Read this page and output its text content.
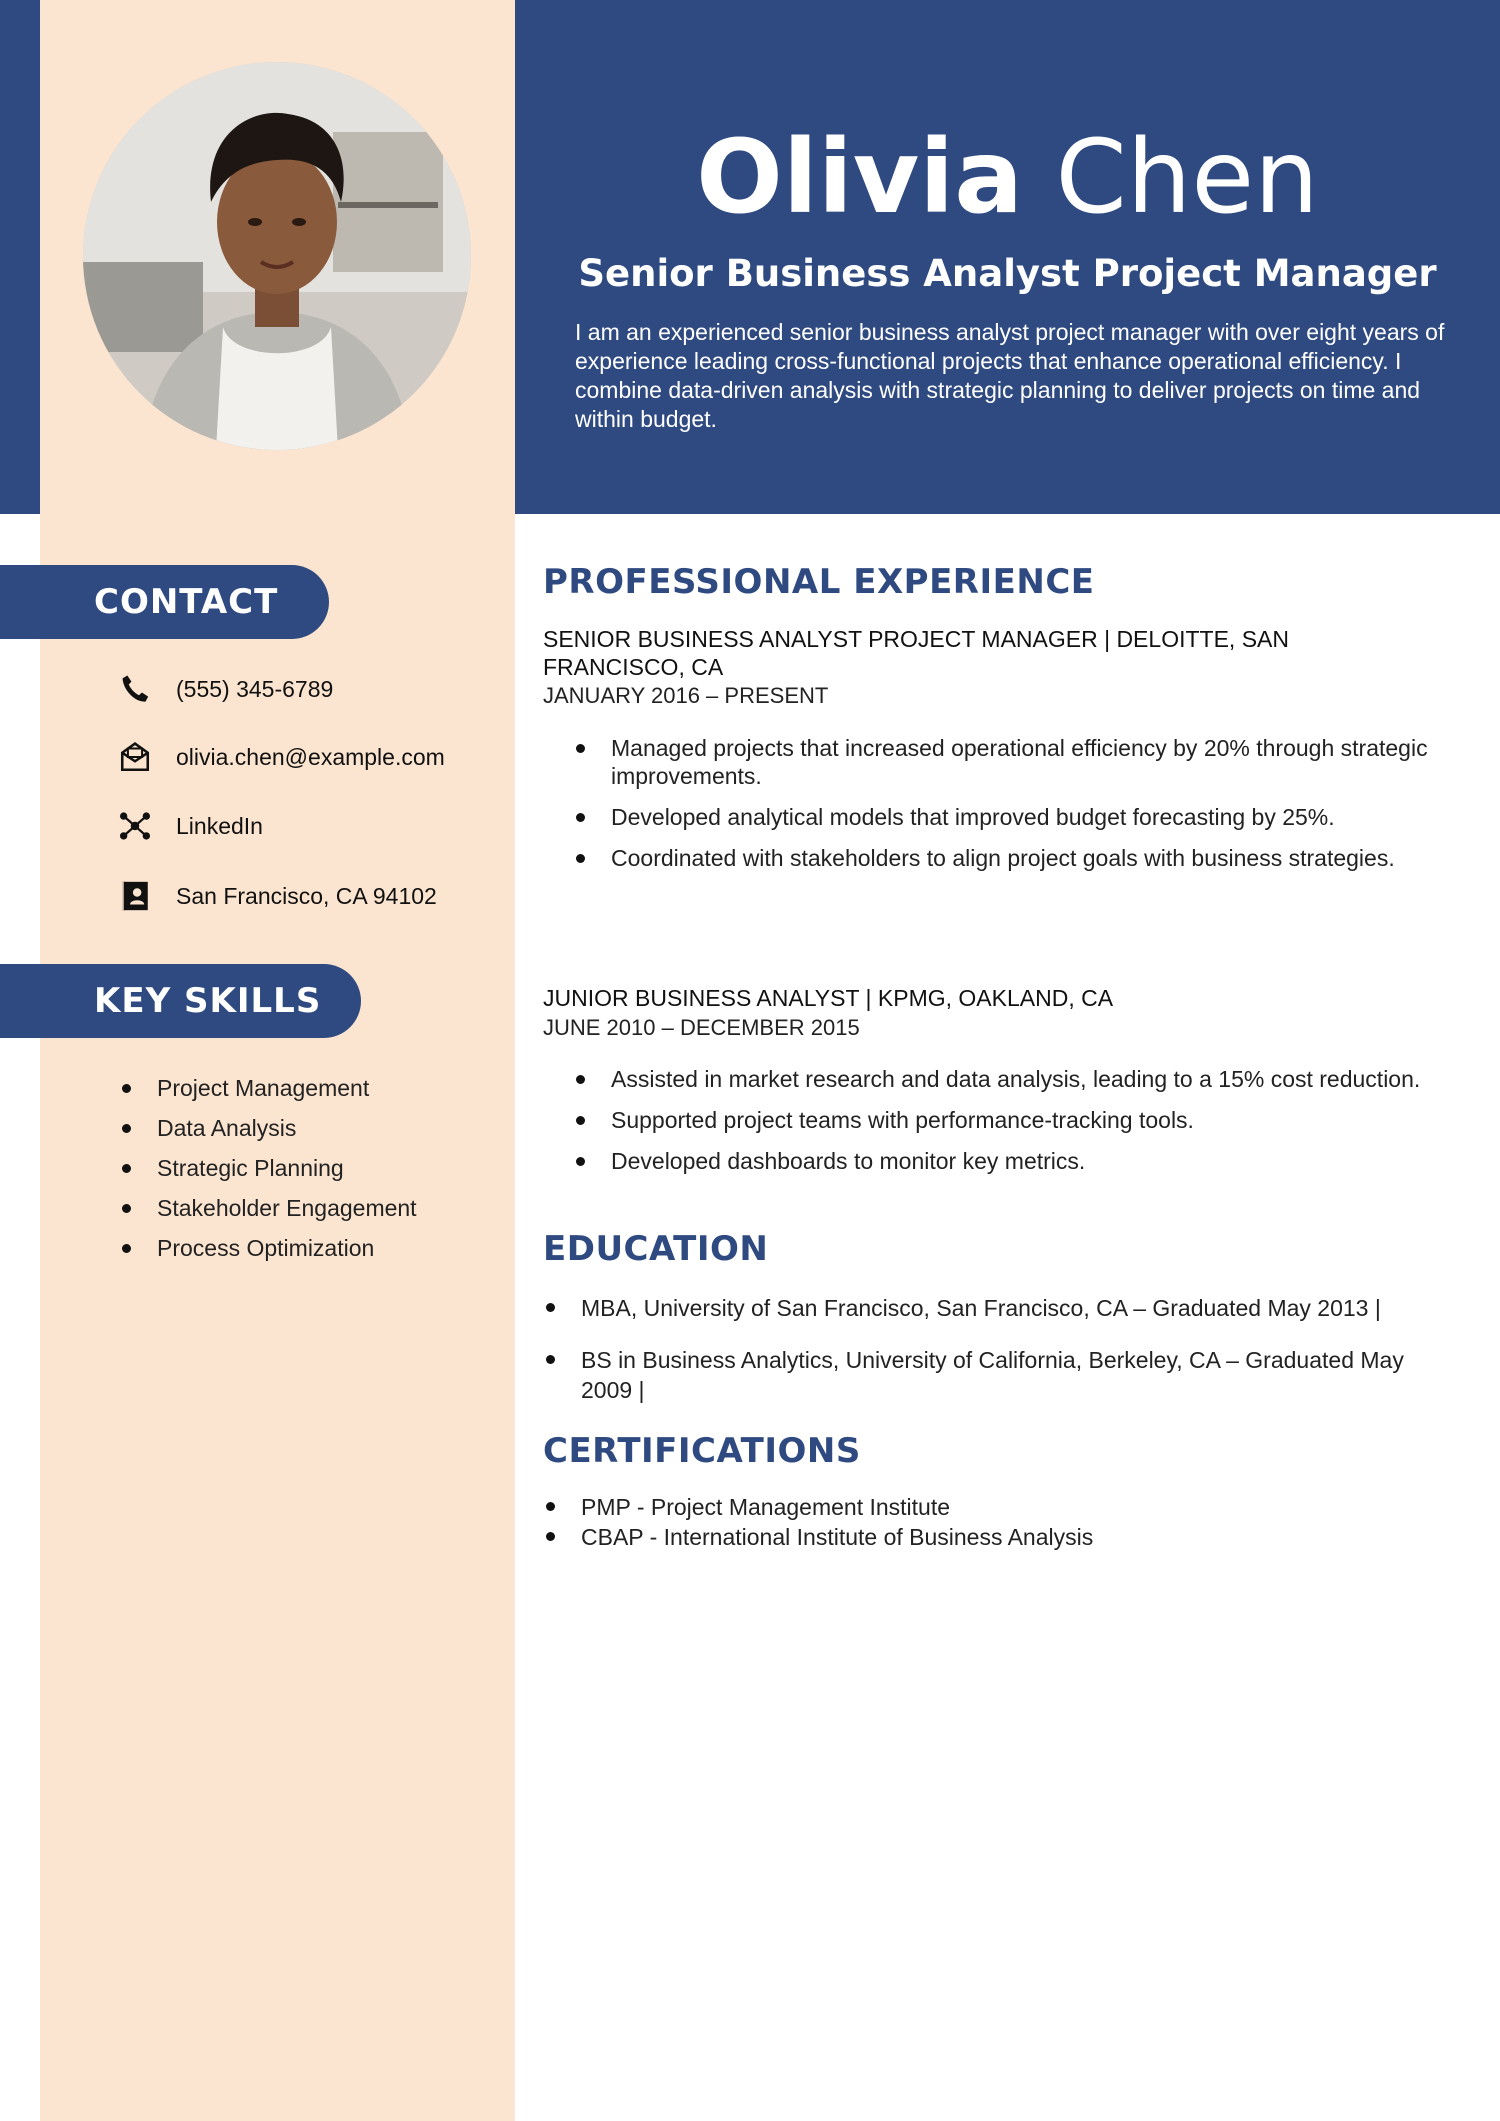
Olivia Chen
Senior Business Analyst Project Manager
I am an experienced senior business analyst project manager with over eight years of experience leading cross-functional projects that enhance operational efficiency. I combine data-driven analysis with strategic planning to deliver projects on time and within budget.
CONTACT
(555) 345-6789
olivia.chen@example.com
LinkedIn
San Francisco, CA 94102
KEY SKILLS
Project Management
Data Analysis
Strategic Planning
Stakeholder Engagement
Process Optimization
PROFESSIONAL EXPERIENCE
SENIOR BUSINESS ANALYST PROJECT MANAGER | DELOITTE, SAN FRANCISCO, CA
JANUARY 2016 – PRESENT
Managed projects that increased operational efficiency by 20% through strategic improvements.
Developed analytical models that improved budget forecasting by 25%.
Coordinated with stakeholders to align project goals with business strategies.
JUNIOR BUSINESS ANALYST | KPMG, OAKLAND, CA
JUNE 2010 – DECEMBER 2015
Assisted in market research and data analysis, leading to a 15% cost reduction.
Supported project teams with performance-tracking tools.
Developed dashboards to monitor key metrics.
EDUCATION
MBA, University of San Francisco, San Francisco, CA – Graduated May 2013 |
BS in Business Analytics, University of California, Berkeley, CA – Graduated May 2009 |
CERTIFICATIONS
PMP - Project Management Institute
CBAP - International Institute of Business Analysis
